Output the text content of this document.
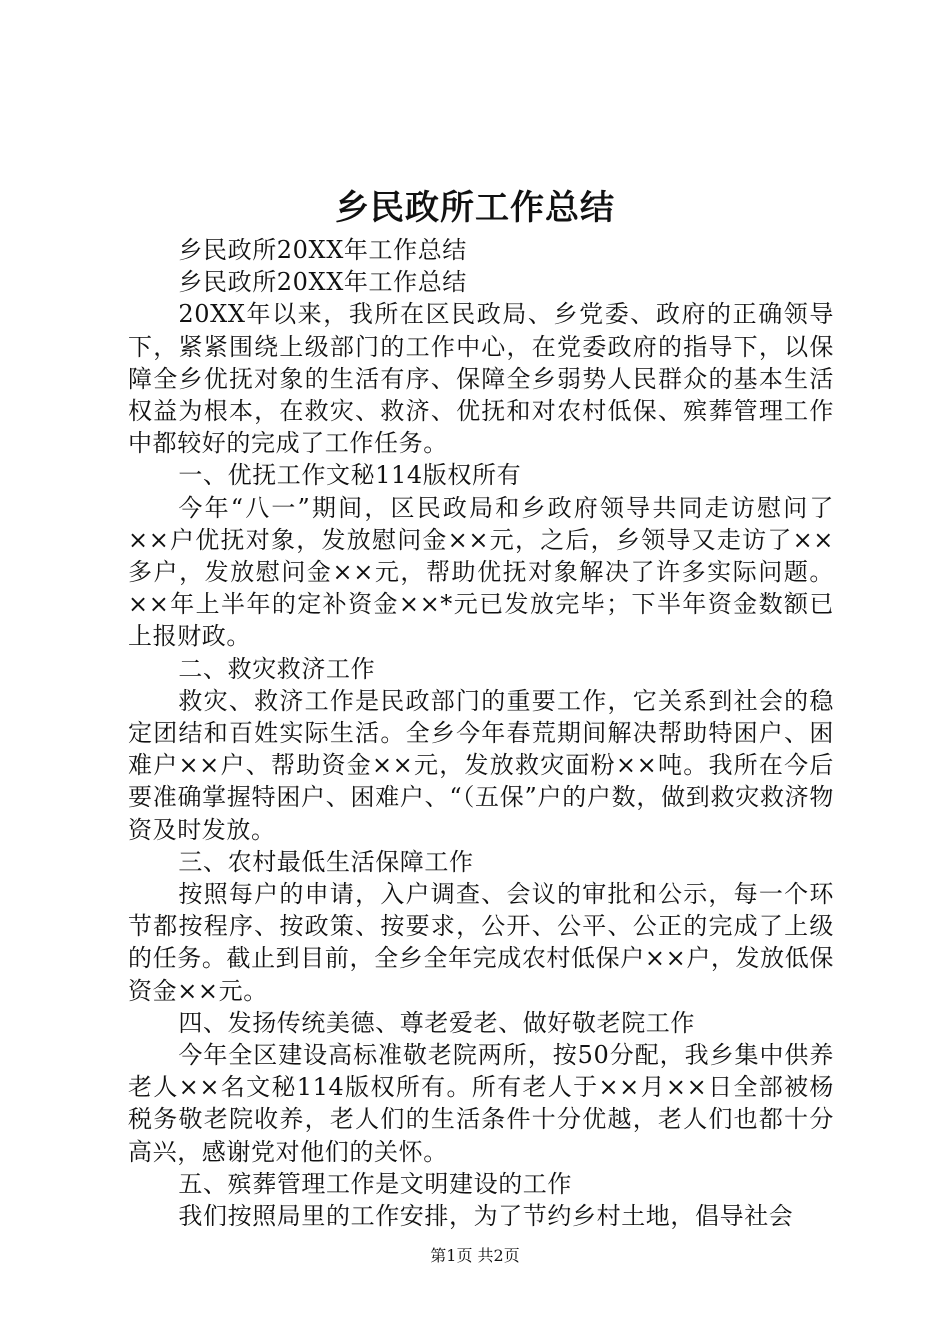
乡民政所工作总结

乡民政所20XX年工作总结

乡民政所20XX年工作总结

20XX年以来，我所在区民政局、乡党委、政府的正确领导下，紧紧围绕上级部门的工作中心，在党委政府的指导下，以保障全乡优抚对象的生活有序、保障全乡弱势人民群众的基本生活权益为根本，在救灾、救济、优抚和对农村低保、殡葬管理工作中都较好的完成了工作任务。

一、优抚工作文秘114版权所有

今年“八一”期间，区民政局和乡政府领导共同走访慰问了××户优抚对象，发放慰问金××元，之后，乡领导又走访了××多户，发放慰问金××元，帮助优抚对象解决了许多实际问题。××年上半年的定补资金××*元已发放完毕；下半年资金数额已上报财政。

二、救灾救济工作

救灾、救济工作是民政部门的重要工作，它关系到社会的稳定团结和百姓实际生活。全乡今年春荒期间解决帮助特困户、困难户××户、帮助资金××元，发放救灾面粉××吨。我所在今后要准确掌握特困户、困难户、“（五保”户的户数，做到救灾救济物资及时发放。

三、农村最低生活保障工作

按照每户的申请，入户调查、会议的审批和公示，每一个环节都按程序、按政策、按要求，公开、公平、公正的完成了上级的任务。截止到目前，全乡全年完成农村低保户××户，发放低保资金××元。

四、发扬传统美德、尊老爱老、做好敬老院工作

今年全区建设高标准敬老院两所，按50分配，我乡集中供养老人××名文秘114版权所有。所有老人于××月××日全部被杨税务敬老院收养，老人们的生活条件十分优越，老人们也都十分高兴，感谢党对他们的关怀。

五、殡葬管理工作是文明建设的工作

我们按照局里的工作安排，为了节约乡村土地，倡导社会

第1页 共2页
